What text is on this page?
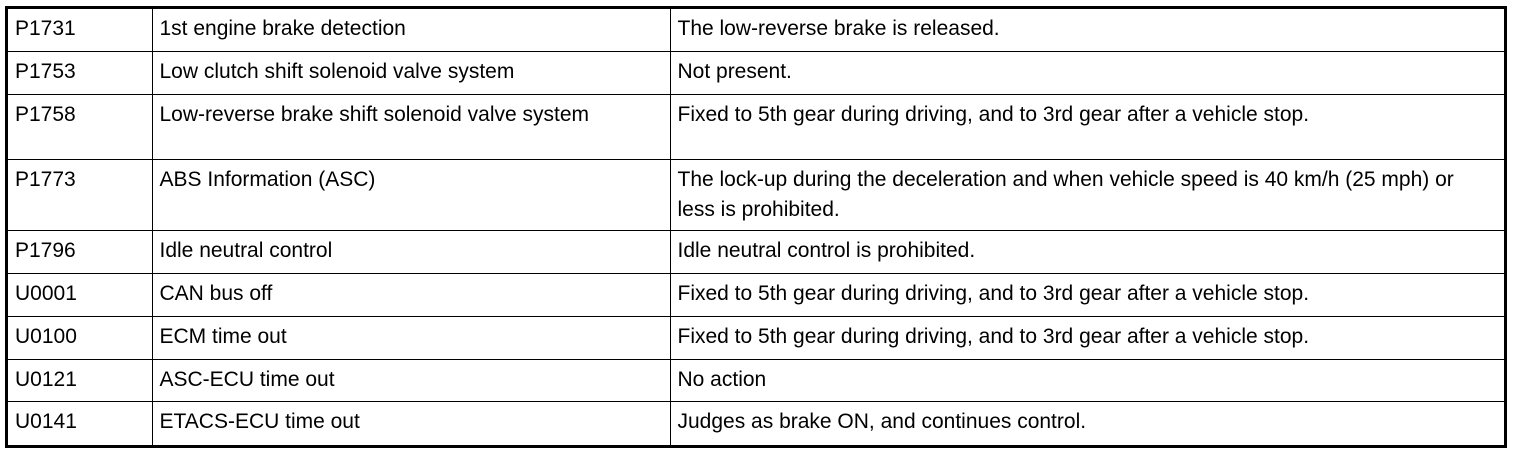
P1731	1st engine brake detection	The low-reverse brake is released.
P1753	Low clutch shift solenoid valve system	Not present.
P1758	Low-reverse brake shift solenoid valve system	Fixed to 5th gear during driving, and to 3rd gear after a vehicle stop.
P1773	ABS Information (ASC)	The lock-up during the deceleration and when vehicle speed is 40 km/h (25 mph) or less is prohibited.
P1796	Idle neutral control	Idle neutral control is prohibited.
U0001	CAN bus off	Fixed to 5th gear during driving, and to 3rd gear after a vehicle stop.
U0100	ECM time out	Fixed to 5th gear during driving, and to 3rd gear after a vehicle stop.
U0121	ASC-ECU time out	No action
U0141	ETACS-ECU time out	Judges as brake ON, and continues control.
